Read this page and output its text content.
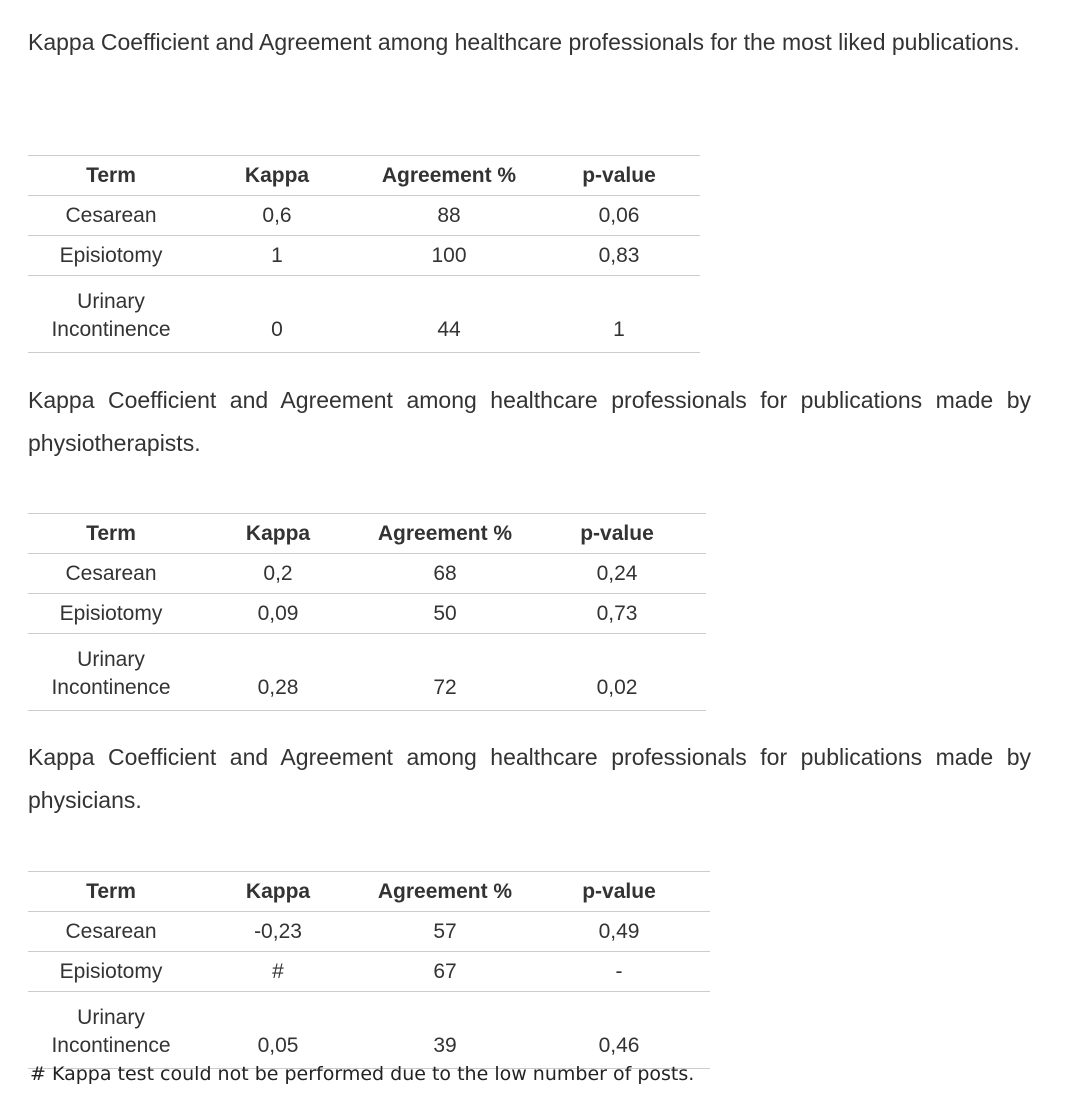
Kappa Coefficient and Agreement among healthcare professionals for the most liked publications.

Term	Kappa	Agreement %	p-value
Cesarean	0,6	88	0,06
Episiotomy	1	100	0,83

Urinary
Incontinence	0	44	1

Kappa Coefficient and Agreement among healthcare professionals for publications made by physiotherapists.

Term	Kappa	Agreement %	p-value
Cesarean	0,2	68	0,24
Episiotomy	0,09	50	0,73

Urinary
Incontinence	0,28	72	0,02

Kappa Coefficient and Agreement among healthcare professionals for publications made by physicians.

Term	Kappa	Agreement %	p-value
Cesarean	-0,23	57	0,49
Episiotomy	#	67	-

Urinary
Incontinence	0,05	39	0,46

# Kappa test could not be performed due to the low number of posts.
